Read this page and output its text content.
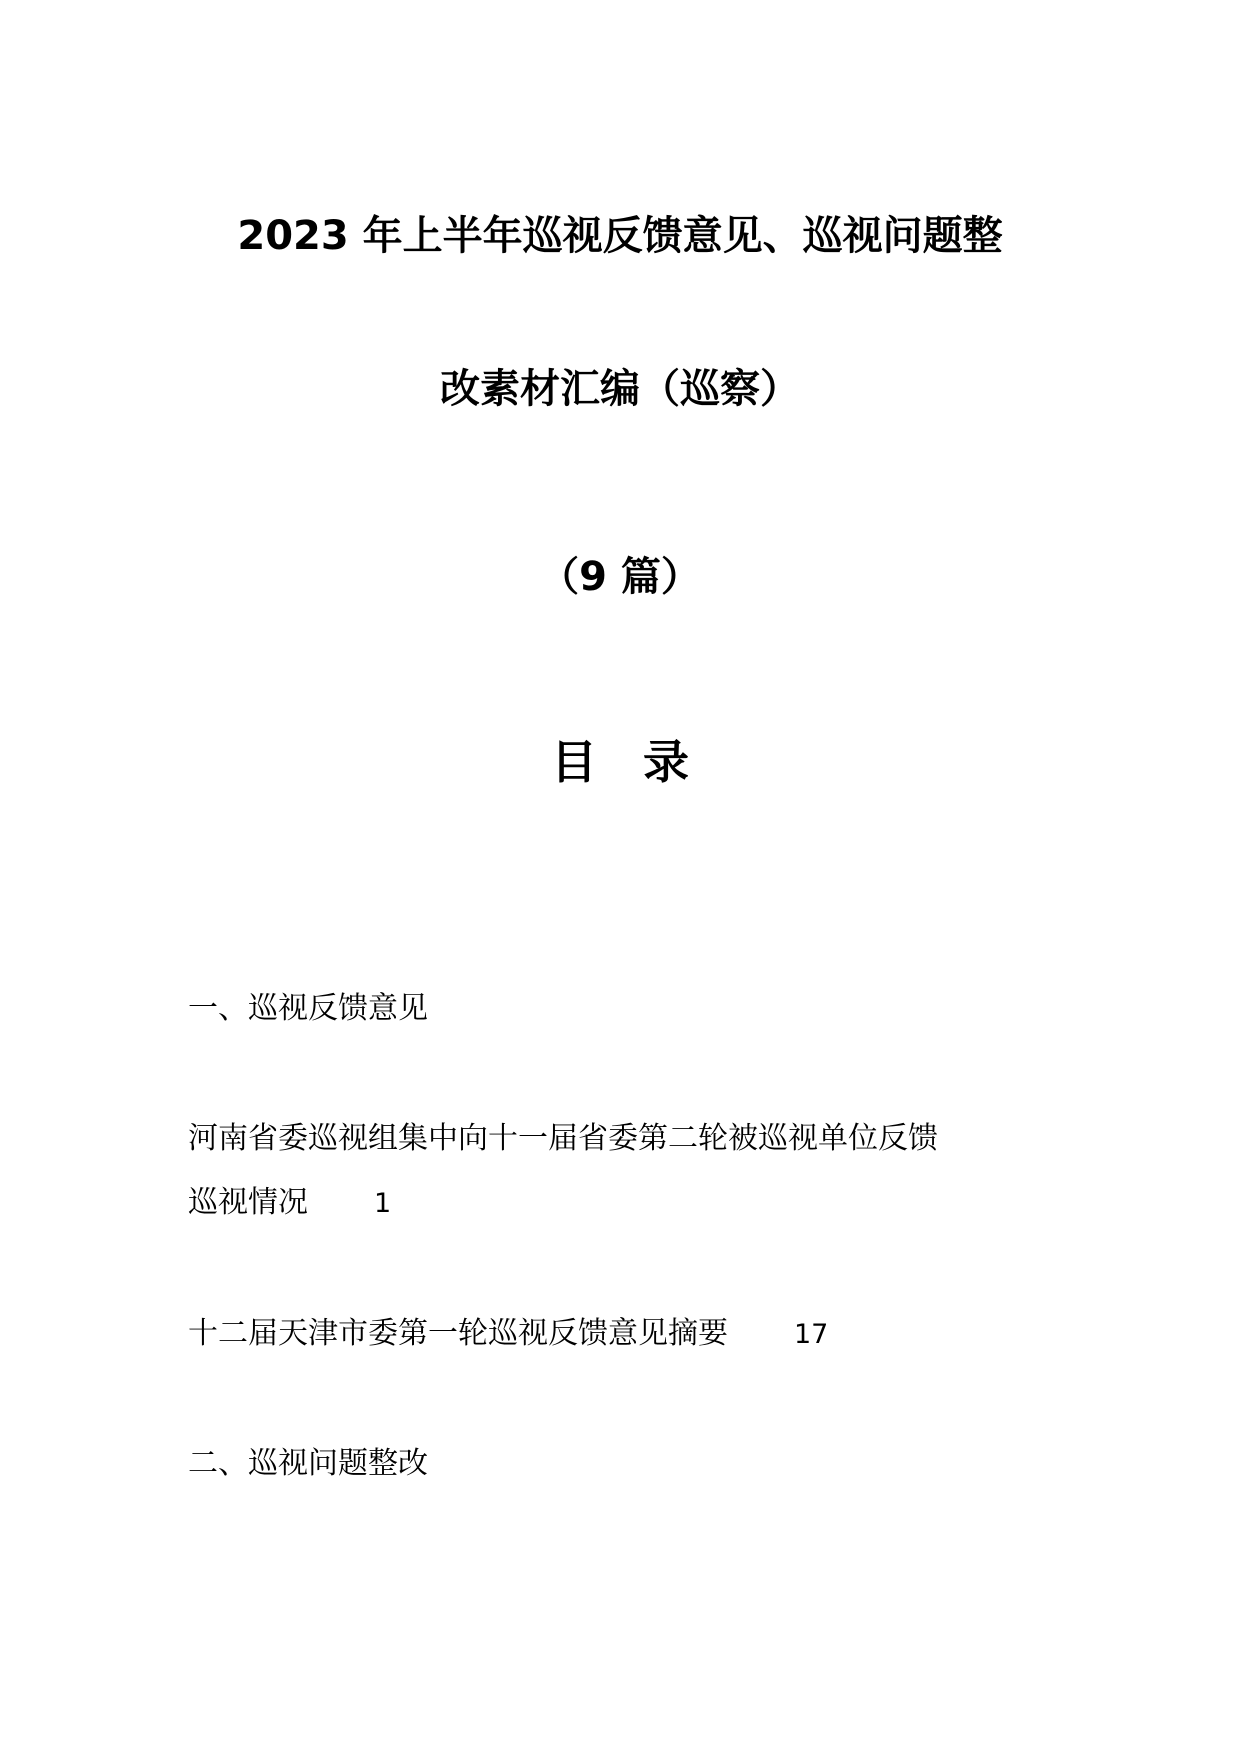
2023 年上半年巡视反馈意见、巡视问题整
改素材汇编（巡察）
（9 篇）
目　录
一、巡视反馈意见
河南省委巡视组集中向十一届省委第二轮被巡视单位反馈
巡视情况 1
十二届天津市委第一轮巡视反馈意见摘要 17
二、巡视问题整改
